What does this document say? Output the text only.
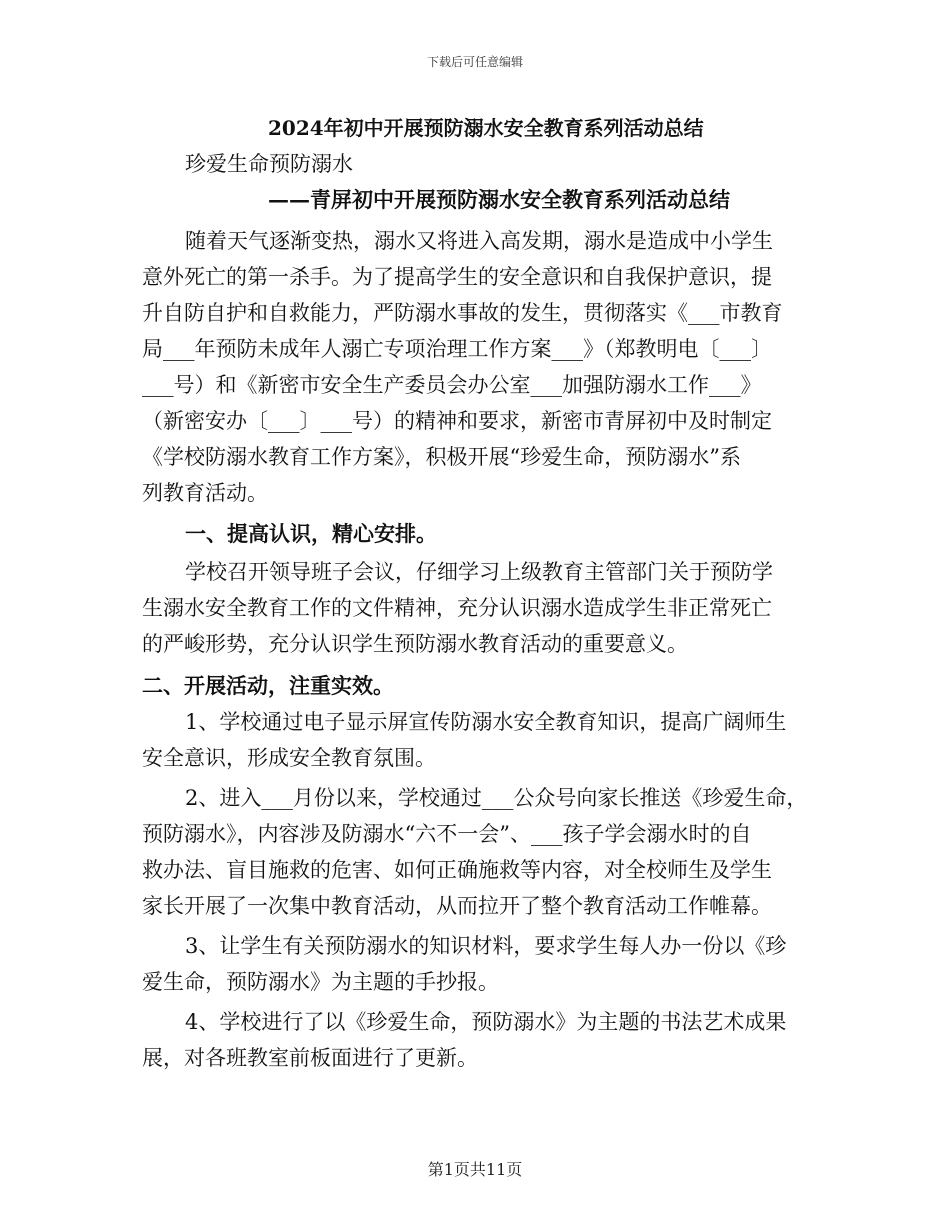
下载后可任意编辑
2024年初中开展预防溺水安全教育系列活动总结
珍爱生命预防溺水
——青屏初中开展预防溺水安全教育系列活动总结
随着天气逐渐变热，溺水又将进入高发期，溺水是造成中小学生
意外死亡的第一杀手。为了提高学生的安全意识和自我保护意识，提
升自防自护和自救能力，严防溺水事故的发生，贯彻落实《___市教育
局___年预防未成年人溺亡专项治理工作方案___》（郑教明电〔___〕
___号）和《新密市安全生产委员会办公室___加强防溺水工作___》
（新密安办〔___〕___号）的精神和要求，新密市青屏初中及时制定
《学校防溺水教育工作方案》，积极开展“珍爱生命，预防溺水”系
列教育活动。
一、提高认识，精心安排。
学校召开领导班子会议，仔细学习上级教育主管部门关于预防学
生溺水安全教育工作的文件精神，充分认识溺水造成学生非正常死亡
的严峻形势，充分认识学生预防溺水教育活动的重要意义。
二、开展活动，注重实效。
1、学校通过电子显示屏宣传防溺水安全教育知识，提高广阔师生
安全意识，形成安全教育氛围。
2、进入___月份以来，学校通过___公众号向家长推送《珍爱生命，
预防溺水》，内容涉及防溺水“六不一会”、___孩子学会溺水时的自
救办法、盲目施救的危害、如何正确施救等内容，对全校师生及学生
家长开展了一次集中教育活动，从而拉开了整个教育活动工作帷幕。
3、让学生有关预防溺水的知识材料，要求学生每人办一份以《珍
爱生命，预防溺水》为主题的手抄报。
4、学校进行了以《珍爱生命，预防溺水》为主题的书法艺术成果
展，对各班教室前板面进行了更新。
第1页共11页
